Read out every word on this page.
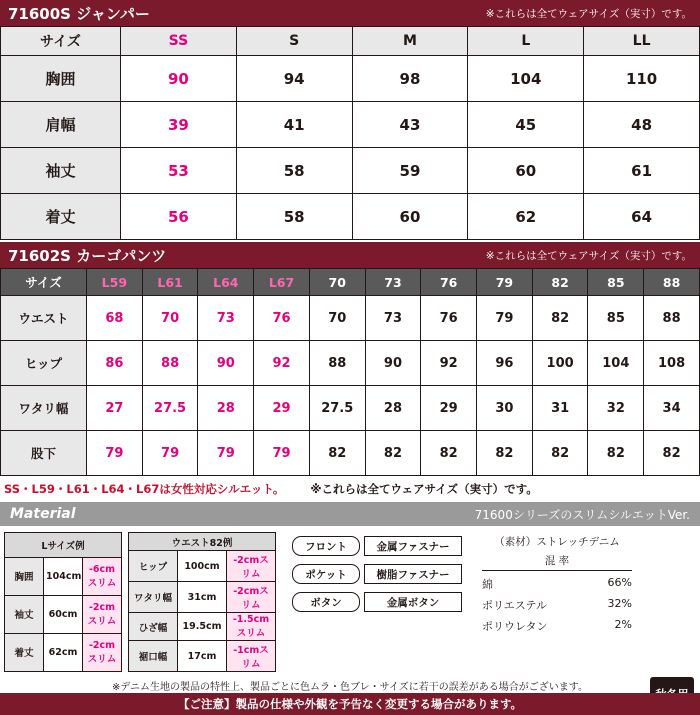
71600S ジャンパー	※これらは全てウェアサイズ（実寸）です。
サイズ	SS	S	M	L	LL
胸囲	90	94	98	104	110
肩幅	39	41	43	45	48
袖丈	53	58	59	60	61
着丈	56	58	60	62	64
71602S カーゴパンツ	※これらは全てウェアサイズ（実寸）です。
サイズ	L59	L61	L64	L67	70	73	76	79	82	85	88
ウエスト	68	70	73	76	70	73	76	79	82	85	88
ヒップ	86	88	90	92	88	90	92	96	100	104	108
ワタリ幅	27	27.5	28	29	27.5	28	29	30	31	32	34
股下	79	79	79	79	82	82	82	82	82	82	82
SS・L59・L61・L64・L67は女性対応シルエット。 ※これらは全てウェアサイズ（実寸）です。
Material	71600シリーズのスリムシルエットVer.
Lサイズ例		
胸囲	104cm	-6cmスリム
袖丈	60cm	-2cmスリム
着丈	62cm	-2cmスリム
ウエスト82例		
ヒップ	100cm	-2cmスリム
ワタリ幅	31cm	-2cmスリム
ひざ幅	19.5cm	-1.5cmスリム
裾口幅	17cm	-1cmスリム
フロント	金属ファスナー
ポケット	樹脂ファスナー
ボタン	金属ボタン
（素材）ストレッチデニム
混 率
綿	66%
ポリエステル	32%
ポリウレタン	2%
※デニム生地の製品の特性上、製品ごとに色ムラ・色ブレ・サイズに若干の誤差がある場合がございます。
【ご注意】製品の仕様や外観を予告なく変更する場合があります。
